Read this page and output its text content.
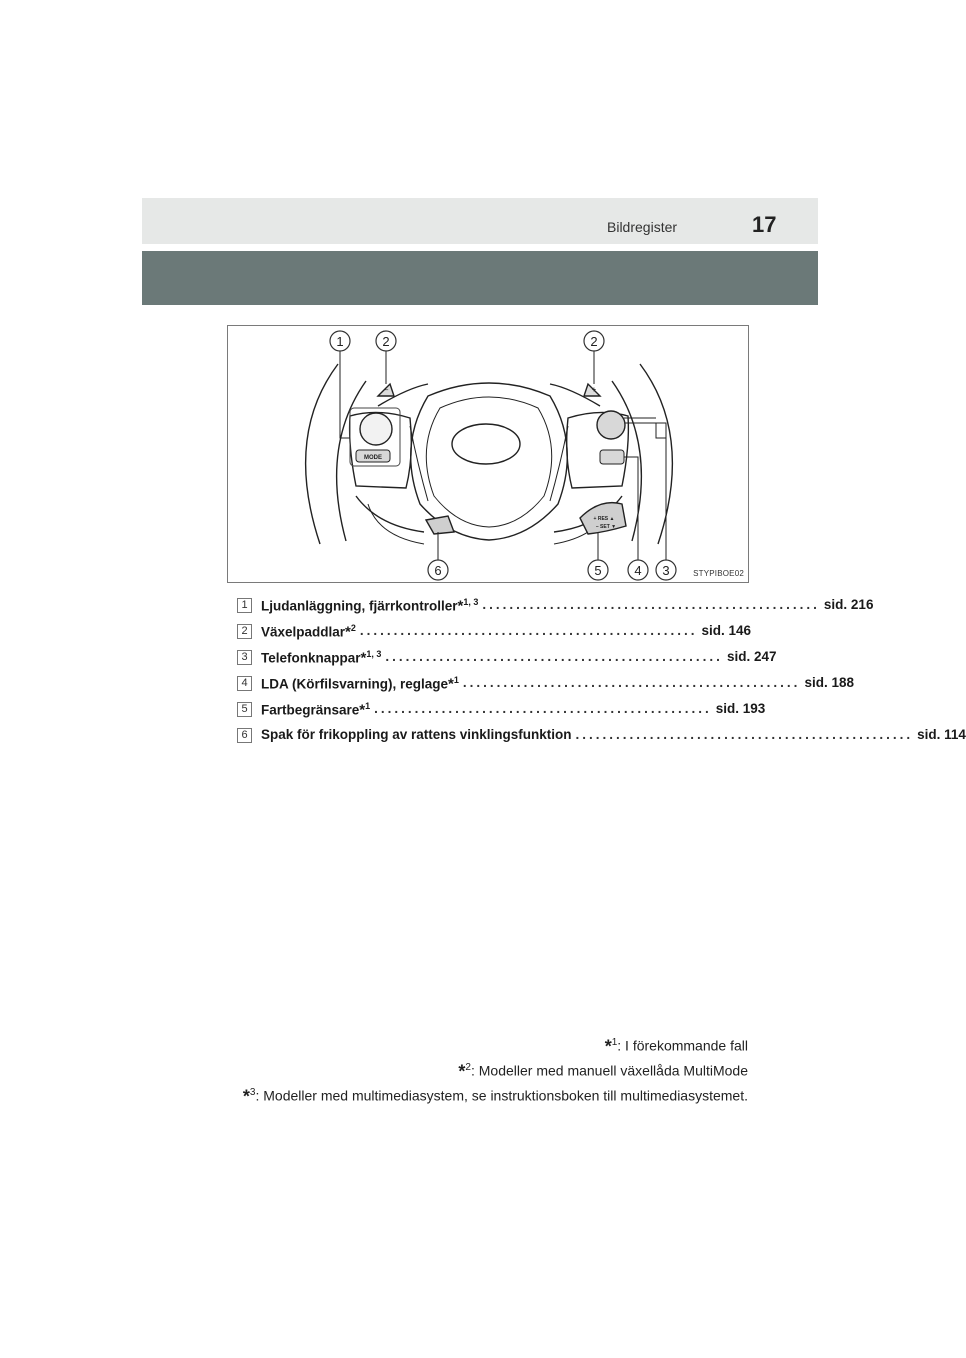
Bildregister	17
1	2	2
6	5	4 3
–	+
MODE
+ RES ▲
– SET ▼
STYPIBOE02
1 Ljudanläggning, fjärrkontroller*$^{1, 3}$ .................................................. sid. 216
2 Växelpaddlar*$^2$ .................................................. sid. 146
3 Telefonknappar*$^{1, 3}$ .................................................. sid. 247
4 LDA (Körfilsvarning), reglage*$^1$ .................................................. sid. 188
5 Fartbegränsare*$^1$ .................................................. sid. 193
6 Spak för frikoppling av rattens vinklingsfunktion .................................................. sid. 114
*$^1$: I förekommande fall
*$^2$: Modeller med manuell växellåda MultiMode
*$^3$: Modeller med multimediasystem, se instruktionsboken till multimediasystemet.
